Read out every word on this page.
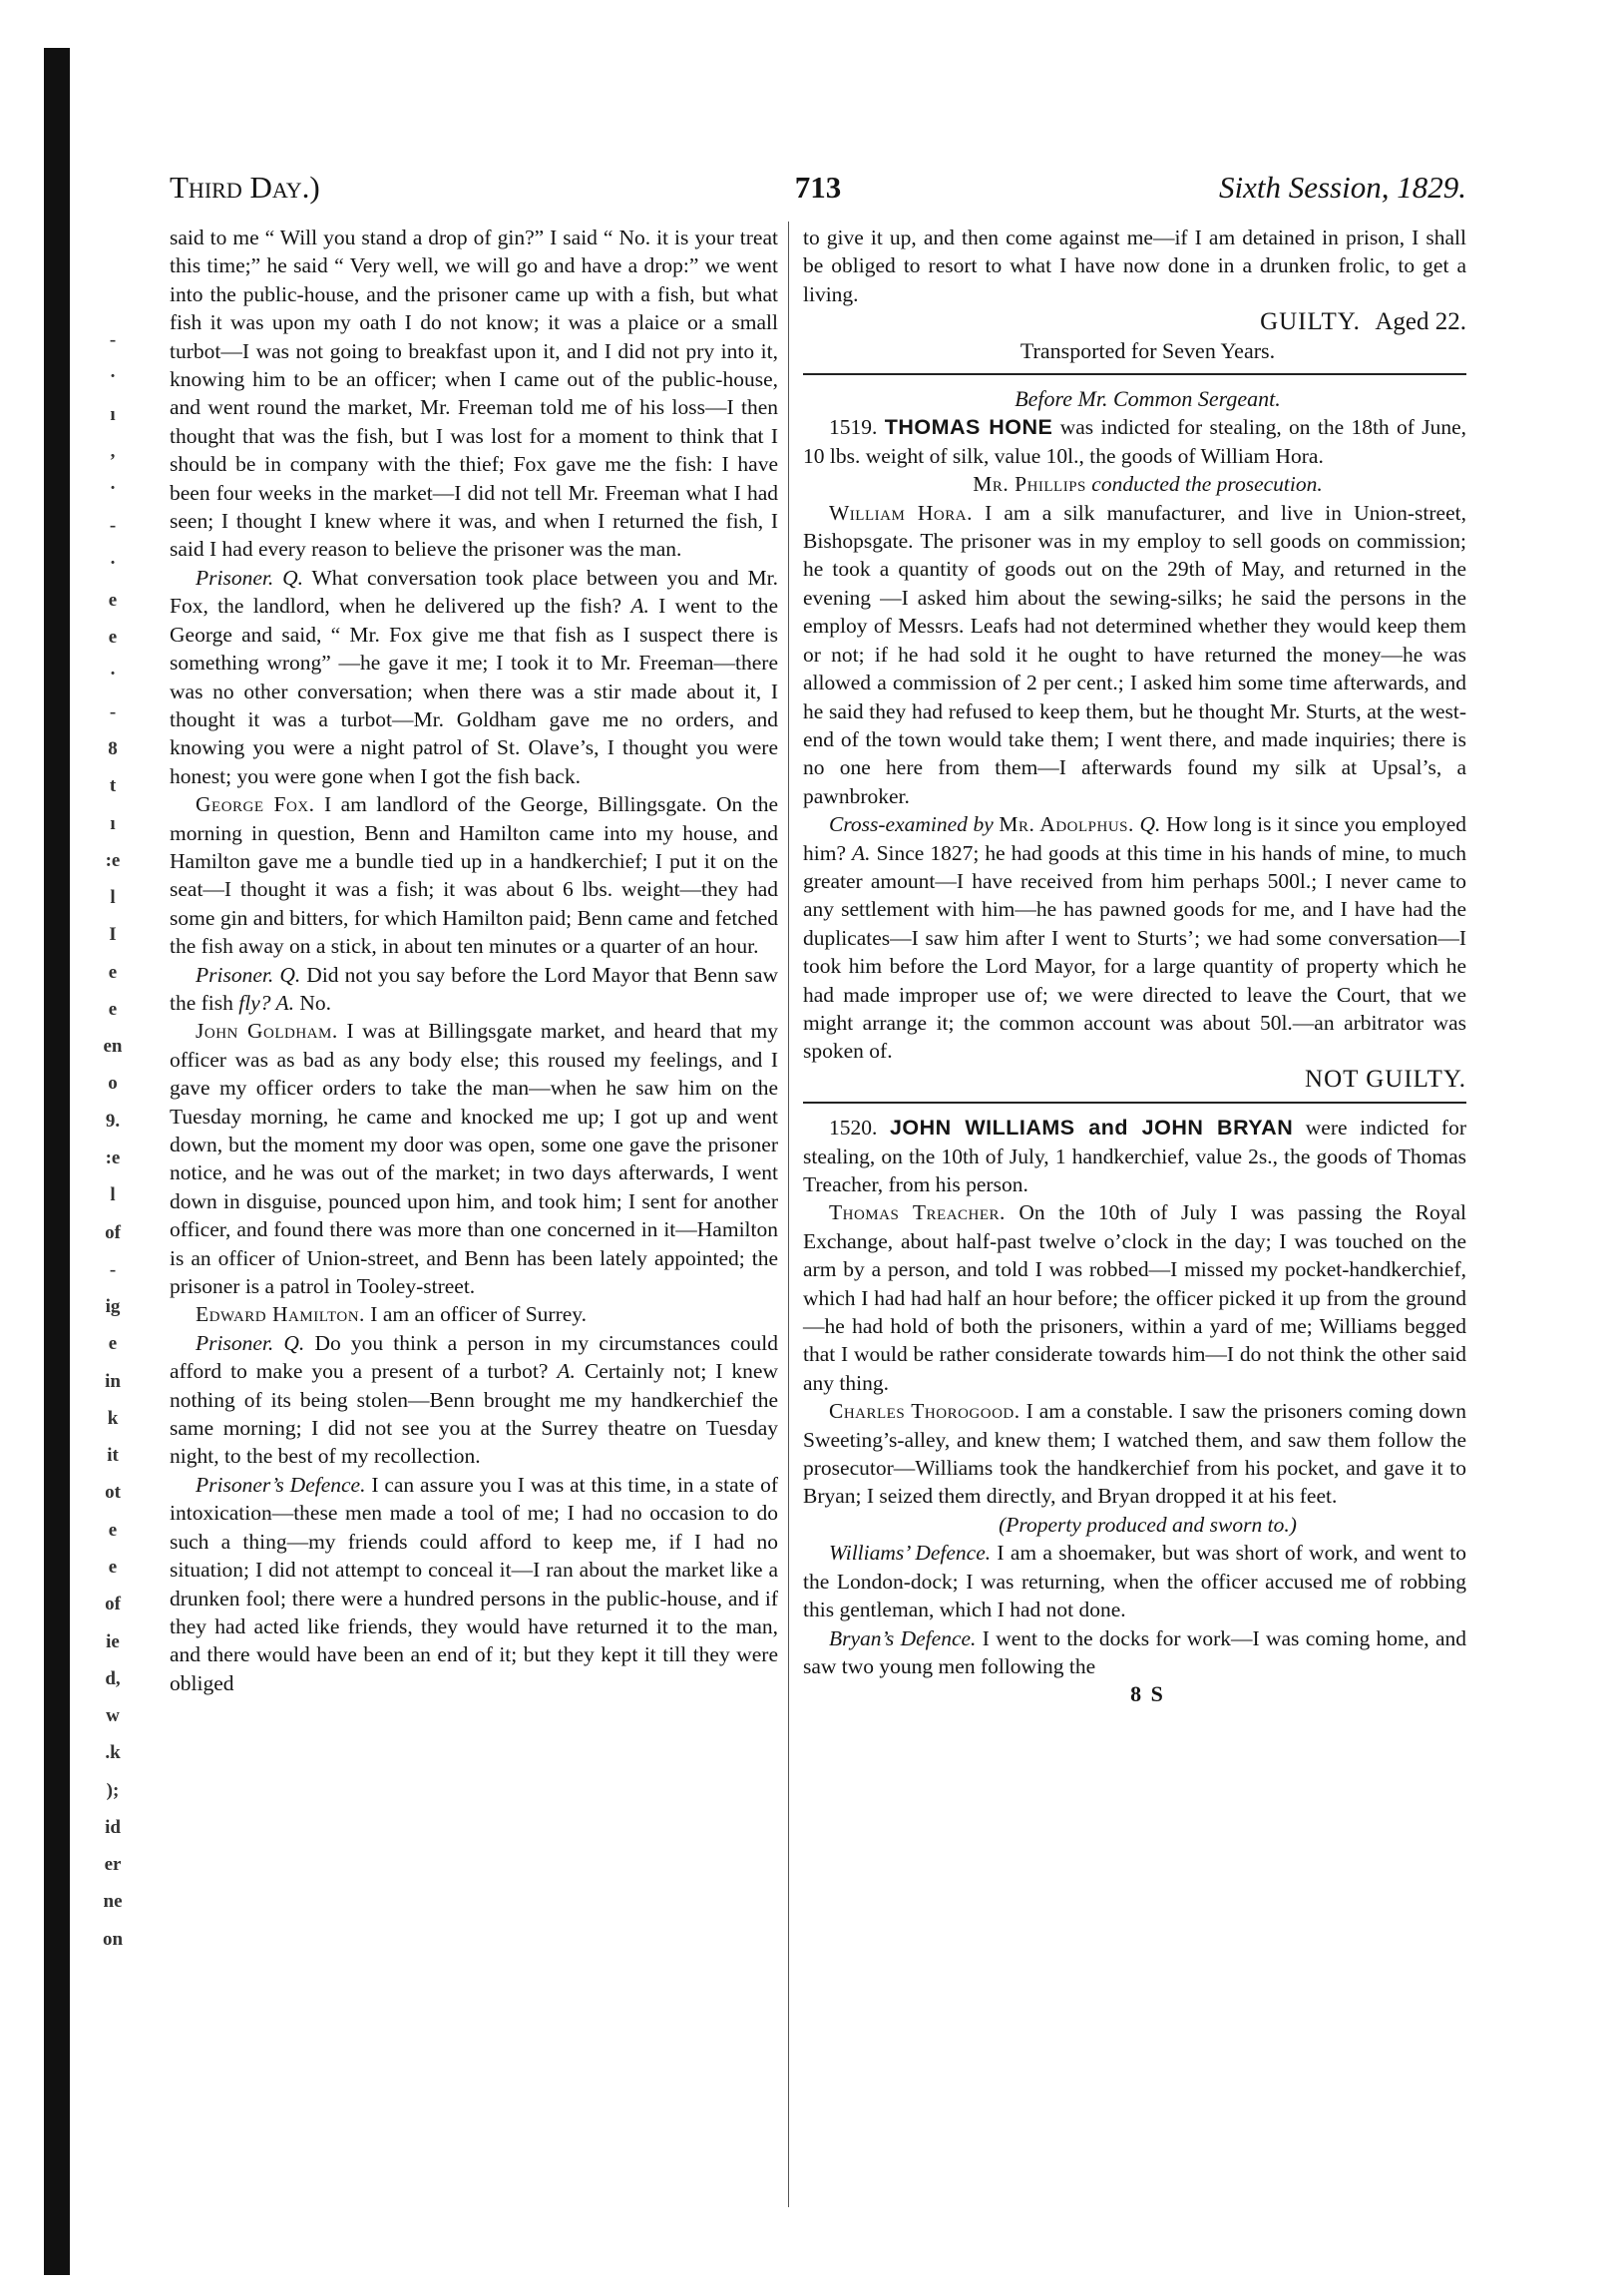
-
·
ı
,
·
-
·
e
e
·
-
8
t
ı
:e
l
I
e
e
en
o
9.
:e
l
of
-
ig
e
in
k
it
ot
e
e
of
ie
d,
w
.k
);
id
er
ne
on
Third Day.)	713	Sixth Session, 1829.

said to me “ Will you stand a drop of gin?” I said “ No. it is your treat this time;” he said “ Very well, we will go and have a drop:” we went into the public-house, and the prisoner came up with a fish, but what fish it was upon my oath I do not know; it was a plaice or a small turbot—I was not going to breakfast upon it, and I did not pry into it, knowing him to be an officer; when I came out of the public-house, and went round the market, Mr. Freeman told me of his loss—I then thought that was the fish, but I was lost for a moment to think that I should be in company with the thief; Fox gave me the fish: I have been four weeks in the market—I did not tell Mr. Freeman what I had seen; I thought I knew where it was, and when I returned the fish, I said I had every reason to believe the prisoner was the man.

Prisoner. Q. What conversation took place between you and Mr. Fox, the landlord, when he delivered up the fish? A. I went to the George and said, “ Mr. Fox give me that fish as I suspect there is something wrong” —he gave it me; I took it to Mr. Freeman—there was no other conversation; when there was a stir made about it, I thought it was a turbot—Mr. Goldham gave me no orders, and knowing you were a night patrol of St. Olave’s, I thought you were honest; you were gone when I got the fish back.

George Fox. I am landlord of the George, Billingsgate. On the morning in question, Benn and Hamilton came into my house, and Hamilton gave me a bundle tied up in a handkerchief; I put it on the seat—I thought it was a fish; it was about 6 lbs. weight—they had some gin and bitters, for which Hamilton paid; Benn came and fetched the fish away on a stick, in about ten minutes or a quarter of an hour.

Prisoner. Q. Did not you say before the Lord Mayor that Benn saw the fish fly? A. No.

John Goldham. I was at Billingsgate market, and heard that my officer was as bad as any body else; this roused my feelings, and I gave my officer orders to take the man—when he saw him on the Tuesday morning, he came and knocked me up; I got up and went down, but the moment my door was open, some one gave the prisoner notice, and he was out of the market; in two days afterwards, I went down in disguise, pounced upon him, and took him; I sent for another officer, and found there was more than one concerned in it—Hamilton is an officer of Union-street, and Benn has been lately appointed; the prisoner is a patrol in Tooley-street.

Edward Hamilton. I am an officer of Surrey.

Prisoner. Q. Do you think a person in my circumstances could afford to make you a present of a turbot? A. Certainly not; I knew nothing of its being stolen—Benn brought me my handkerchief the same morning; I did not see you at the Surrey theatre on Tuesday night, to the best of my recollection.

Prisoner’s Defence. I can assure you I was at this time, in a state of intoxication—these men made a tool of me; I had no occasion to do such a thing—my friends could afford to keep me, if I had no situation; I did not attempt to conceal it—I ran about the market like a drunken fool; there were a hundred persons in the public-house, and if they had acted like friends, they would have returned it to the man, and there would have been an end of it; but they kept it till they were obliged

to give it up, and then come against me—if I am detained in prison, I shall be obliged to resort to what I have now done in a drunken frolic, to get a living.

GUILTY. Aged 22.

Transported for Seven Years.

Before Mr. Common Sergeant.

1519. THOMAS HONE was indicted for stealing, on the 18th of June, 10 lbs. weight of silk, value 10l., the goods of William Hora.

Mr. Phillips conducted the prosecution.

William Hora. I am a silk manufacturer, and live in Union-street, Bishopsgate. The prisoner was in my employ to sell goods on commission; he took a quantity of goods out on the 29th of May, and returned in the evening —I asked him about the sewing-silks; he said the persons in the employ of Messrs. Leafs had not determined whether they would keep them or not; if he had sold it he ought to have returned the money—he was allowed a commission of 2 per cent.; I asked him some time afterwards, and he said they had refused to keep them, but he thought Mr. Sturts, at the west-end of the town would take them; I went there, and made inquiries; there is no one here from them—I afterwards found my silk at Upsal’s, a pawnbroker.

Cross-examined by Mr. Adolphus. Q. How long is it since you employed him? A. Since 1827; he had goods at this time in his hands of mine, to much greater amount—I have received from him perhaps 500l.; I never came to any settlement with him—he has pawned goods for me, and I have had the duplicates—I saw him after I went to Sturts’; we had some conversation—I took him before the Lord Mayor, for a large quantity of property which he had made improper use of; we were directed to leave the Court, that we might arrange it; the common account was about 50l.—an arbitrator was spoken of.

NOT GUILTY.

1520. JOHN WILLIAMS and JOHN BRYAN were indicted for stealing, on the 10th of July, 1 handkerchief, value 2s., the goods of Thomas Treacher, from his person.

Thomas Treacher. On the 10th of July I was passing the Royal Exchange, about half-past twelve o’clock in the day; I was touched on the arm by a person, and told I was robbed—I missed my pocket-handkerchief, which I had had half an hour before; the officer picked it up from the ground—he had hold of both the prisoners, within a yard of me; Williams begged that I would be rather considerate towards him—I do not think the other said any thing.

Charles Thorogood. I am a constable. I saw the prisoners coming down Sweeting’s-alley, and knew them; I watched them, and saw them follow the prosecutor—Williams took the handkerchief from his pocket, and gave it to Bryan; I seized them directly, and Bryan dropped it at his feet.

(Property produced and sworn to.)

Williams’ Defence. I am a shoemaker, but was short of work, and went to the London-dock; I was returning, when the officer accused me of robbing this gentleman, which I had not done.

Bryan’s Defence. I went to the docks for work—I was coming home, and saw two young men following the

8 S
